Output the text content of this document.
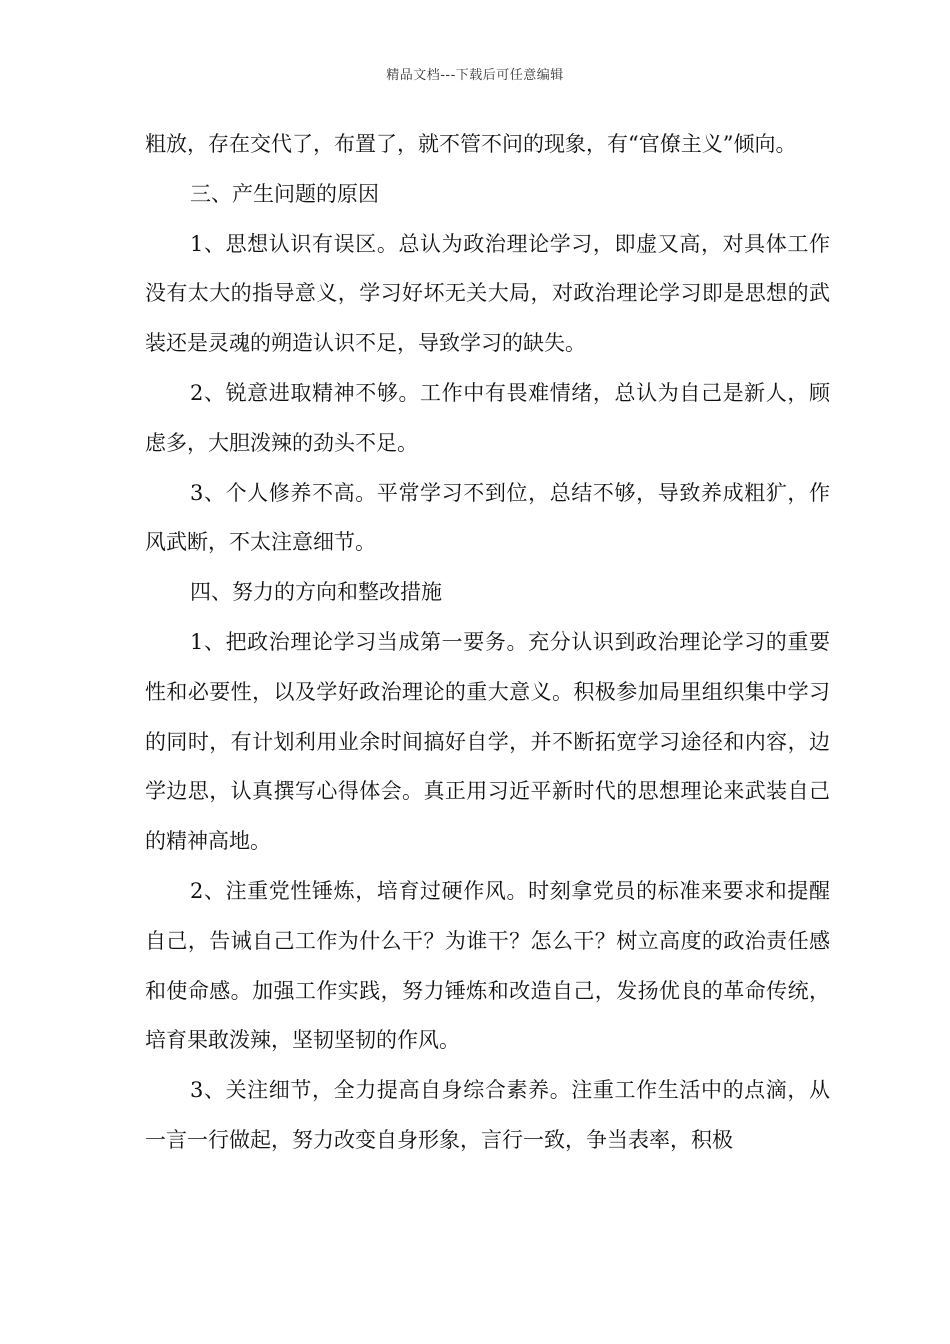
精品文档---下载后可任意编辑

粗放，存在交代了，布置了，就不管不问的现象，有“官僚主义”倾向。

三、产生问题的原因

1、思想认识有误区。总认为政治理论学习，即虚又高，对具体工作没有太大的指导意义，学习好坏无关大局，对政治理论学习即是思想的武装还是灵魂的朔造认识不足，导致学习的缺失。

2、锐意进取精神不够。工作中有畏难情绪，总认为自己是新人，顾虑多，大胆泼辣的劲头不足。

3、个人修养不高。平常学习不到位，总结不够，导致养成粗犷，作风武断，不太注意细节。

四、努力的方向和整改措施

1、把政治理论学习当成第一要务。充分认识到政治理论学习的重要性和必要性，以及学好政治理论的重大意义。积极参加局里组织集中学习的同时，有计划利用业余时间搞好自学，并不断拓宽学习途径和内容，边学边思，认真撰写心得体会。真正用习近平新时代的思想理论来武装自己的精神高地。

2、注重党性锤炼，培育过硬作风。时刻拿党员的标准来要求和提醒自己，告诫自己工作为什么干？为谁干？怎么干？树立高度的政治责任感和使命感。加强工作实践，努力锤炼和改造自己，发扬优良的革命传统，培育果敢泼辣，坚韧坚韧的作风。

3、关注细节，全力提高自身综合素养。注重工作生活中的点滴，从一言一行做起，努力改变自身形象，言行一致，争当表率，积极
